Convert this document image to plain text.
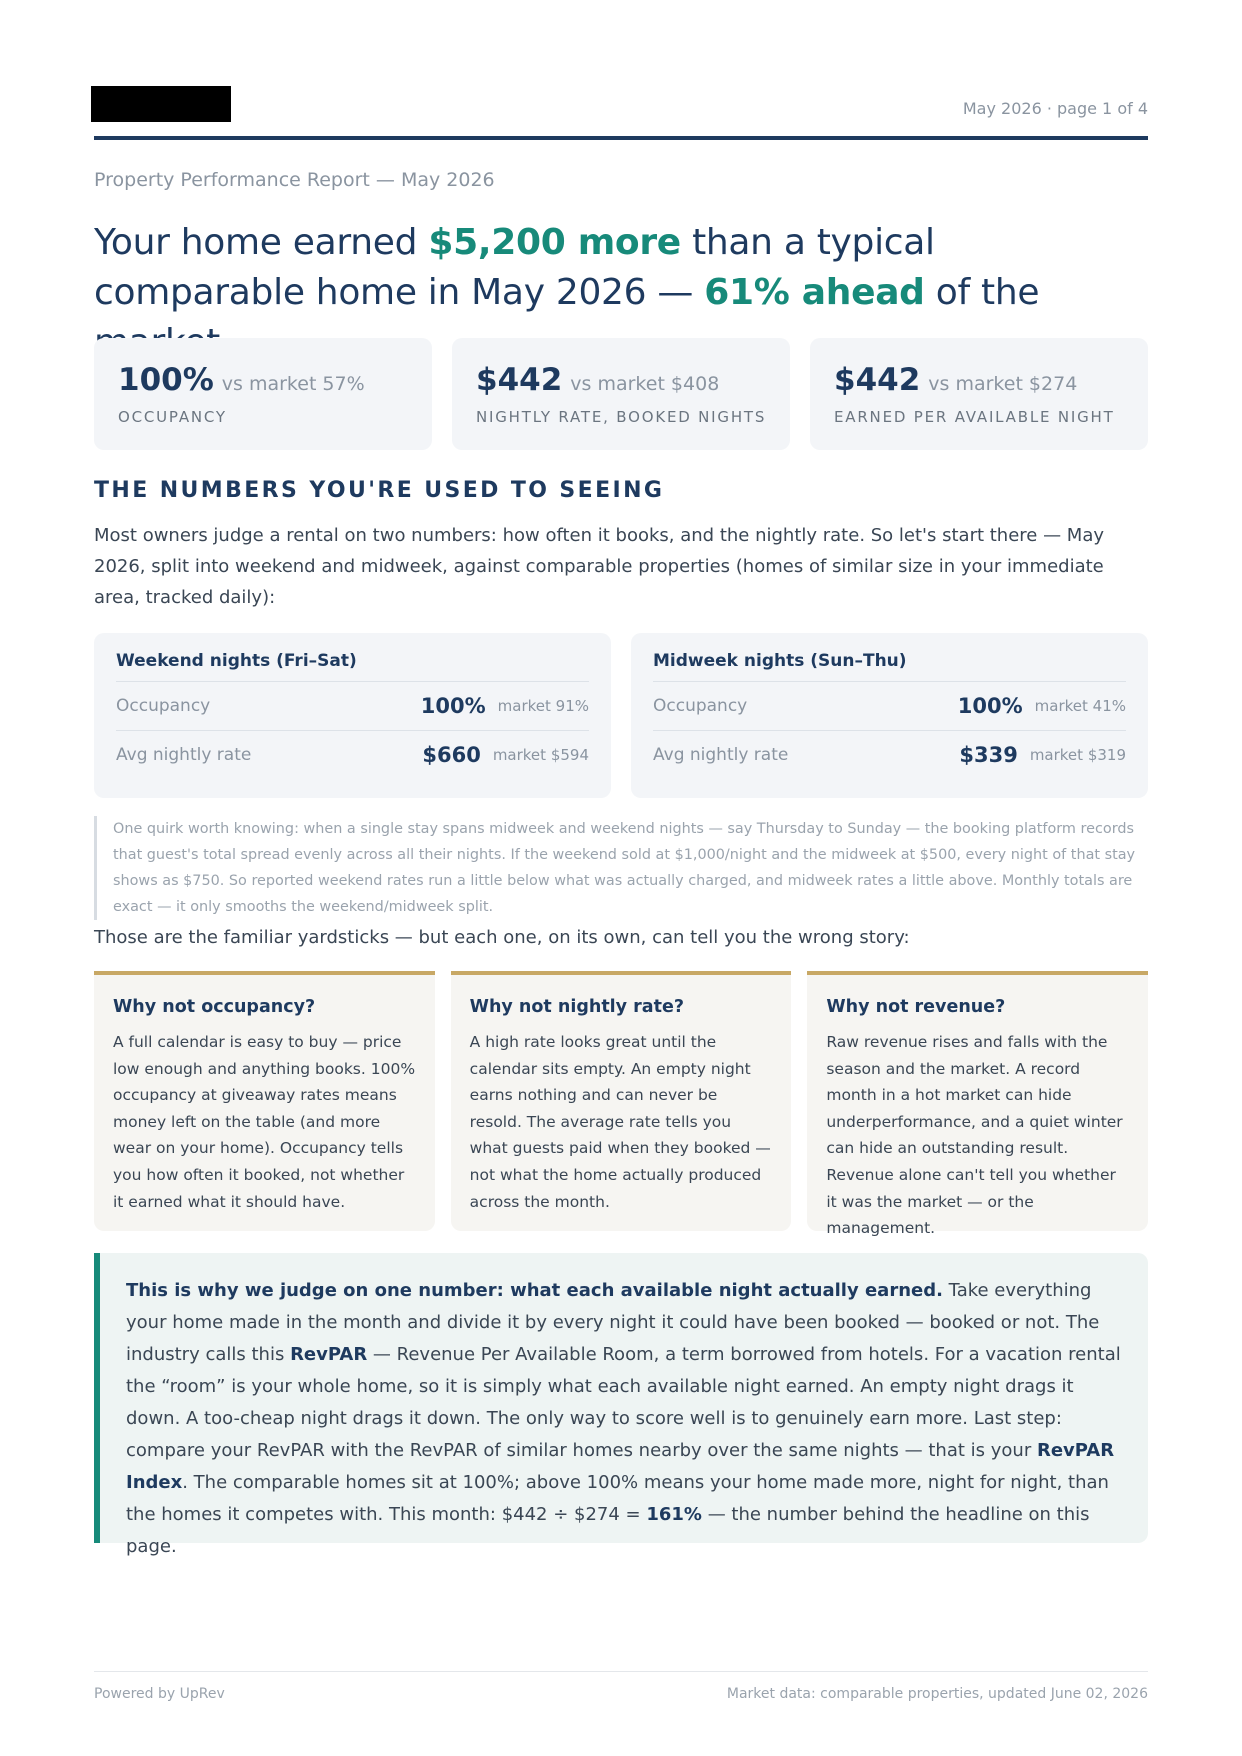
May 2026 · page 1 of 4
Property Performance Report — May 2026
Your home earned $5,200 more than a typical comparable home in May 2026 — 61% ahead of the
100% vs market 57%
OCCUPANCY
$442 vs market $408
NIGHTLY RATE, BOOKED NIGHTS
$442 vs market $274
EARNED PER AVAILABLE NIGHT
THE NUMBERS YOU'RE USED TO SEEING

Most owners judge a rental on two numbers: how often it books, and the nightly rate. So let's start there — May 2026, split into weekend and midweek, against comparable properties (homes of similar size in your immediate area, tracked daily):

Weekend nights (Fri–Sat)
Occupancy	100% market 91%
Avg nightly rate	$660 market $594
Midweek nights (Sun–Thu)
Occupancy	100% market 41%
Avg nightly rate	$339 market $319

One quirk worth knowing: when a single stay spans midweek and weekend nights — say Thursday to Sunday — the booking platform records that guest's total spread evenly across all their nights. If the weekend sold at $1,000/night and the midweek at $500, every night of that stay shows as $750. So reported weekend rates run a little below what was actually charged, and midweek rates a little above. Monthly totals are exact — it only smooths the weekend/midweek split.

Those are the familiar yardsticks — but each one, on its own, can tell you the wrong story:

Why not occupancy?
A full calendar is easy to buy — price low enough and anything books. 100% occupancy at giveaway rates means money left on the table (and more wear on your home). Occupancy tells you how often it booked, not whether it earned what it should have.
Why not nightly rate?
A high rate looks great until the calendar sits empty. An empty night earns nothing and can never be resold. The average rate tells you what guests paid when they booked — not what the home actually produced across the month.
Why not revenue?
Raw revenue rises and falls with the season and the market. A record month in a hot market can hide underperformance, and a quiet winter can hide an outstanding result. Revenue alone can't tell you whether it was the market — or the management.
This is why we judge on one number: what each available night actually earned. Take everything your home made in the month and divide it by every night it could have been booked — booked or not. The industry calls this RevPAR — Revenue Per Available Room, a term borrowed from hotels. For a vacation rental the “room” is your whole home, so it is simply what each available night earned. An empty night drags it down. A too-cheap night drags it down. The only way to score well is to genuinely earn more. Last step: compare your RevPAR with the RevPAR of similar homes nearby over the same nights — that is your RevPAR Index. The comparable homes sit at 100%; above 100% means your home made more, night for night, than the homes it competes with. This month: $442 ÷ $274 = 161% — the number behind the headline on this page.
Powered by UpRev	Market data: comparable properties, updated June 02, 2026
